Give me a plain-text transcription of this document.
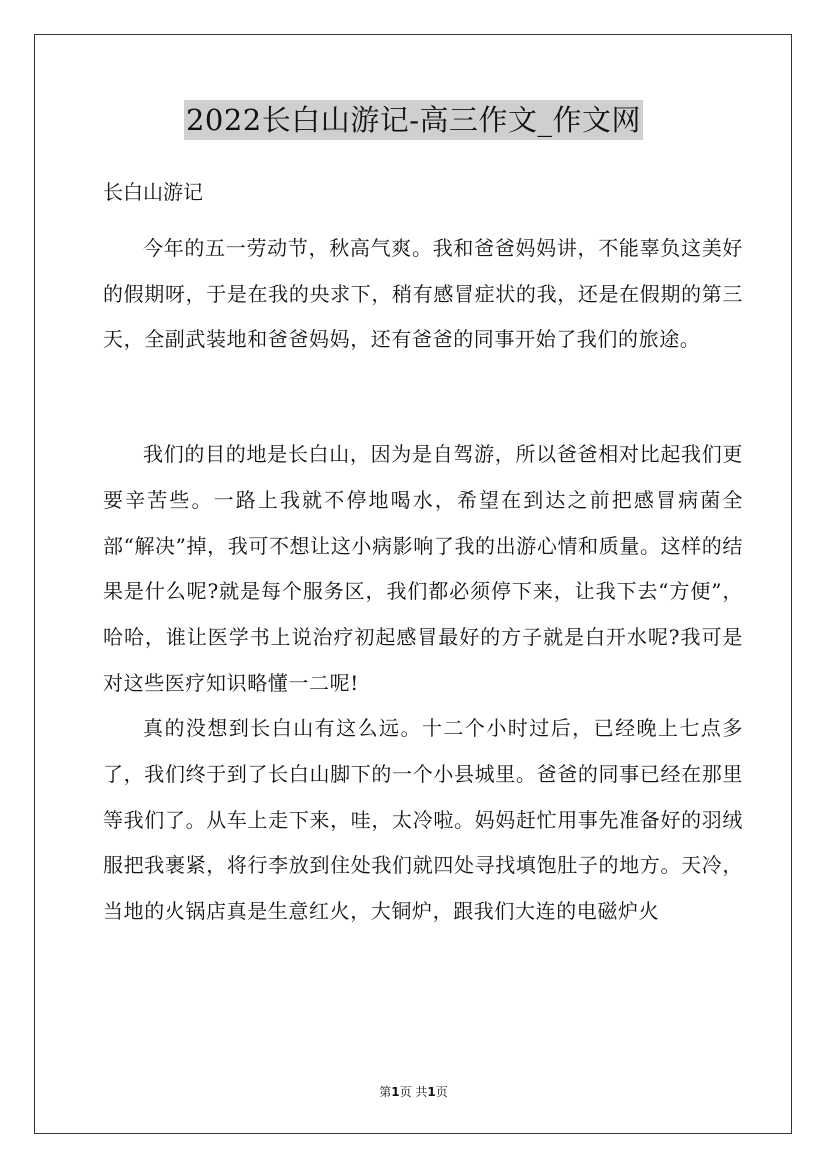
2022长白山游记-高三作文_作文网
长白山游记

今年的五一劳动节，秋高气爽。我和爸爸妈妈讲，不能辜负这美好的假期呀，于是在我的央求下，稍有感冒症状的我，还是在假期的第三天，全副武装地和爸爸妈妈，还有爸爸的同事开始了我们的旅途。

我们的目的地是长白山，因为是自驾游，所以爸爸相对比起我们更要辛苦些。一路上我就不停地喝水，希望在到达之前把感冒病菌全部“解决”掉，我可不想让这小病影响了我的出游心情和质量。这样的结果是什么呢?就是每个服务区，我们都必须停下来，让我下去“方便”，哈哈，谁让医学书上说治疗初起感冒最好的方子就是白开水呢?我可是对这些医疗知识略懂一二呢!

真的没想到长白山有这么远。十二个小时过后，已经晚上七点多了，我们终于到了长白山脚下的一个小县城里。爸爸的同事已经在那里等我们了。从车上走下来，哇，太冷啦。妈妈赶忙用事先准备好的羽绒服把我裹紧，将行李放到住处我们就四处寻找填饱肚子的地方。天冷，当地的火锅店真是生意红火，大铜炉，跟我们大连的电磁炉火

第1页 共1页
